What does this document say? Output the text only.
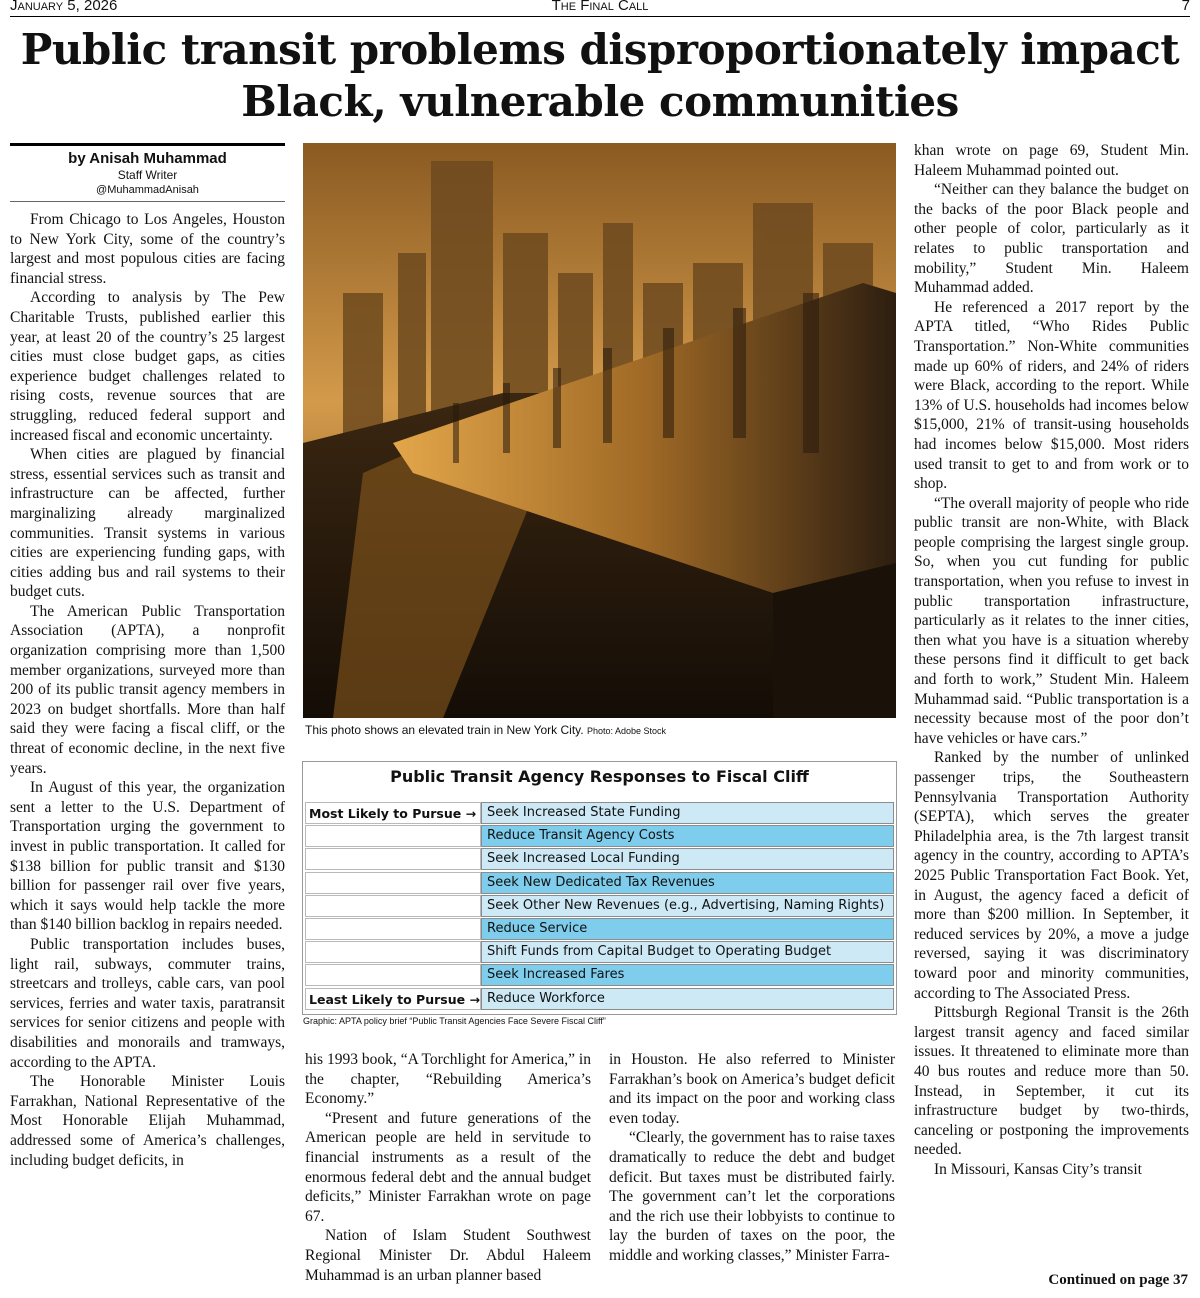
January 5, 2026	The Final Call	7
Public transit problems disproportionately impact
Black, vulnerable communities
by Anisah Muhammad
Staff Writer
@MuhammadAnisah

From Chicago to Los Angeles, Houston to New York City, some of the country’s largest and most populous cities are facing financial stress.

According to analysis by The Pew Charitable Trusts, published earlier this year, at least 20 of the country’s 25 largest cities must close budget gaps, as cities experience budget challenges related to rising costs, revenue sources that are struggling, reduced federal support and increased fiscal and economic uncertainty.

When cities are plagued by financial stress, essential services such as transit and infrastructure can be affected, further marginalizing already marginalized communities. Transit systems in various cities are experiencing funding gaps, with cities adding bus and rail systems to their budget cuts.

The American Public Transportation Association (APTA), a nonprofit organization comprising more than 1,500 member organizations, surveyed more than 200 of its public transit agency members in 2023 on budget shortfalls. More than half said they were facing a fiscal cliff, or the threat of economic decline, in the next five years.

In August of this year, the organization sent a letter to the U.S. Department of Transportation urging the government to invest in public transportation. It called for $138 billion for public transit and $130 billion for passenger rail over five years, which it says would help tackle the more than $140 billion backlog in repairs needed.

Public transportation includes buses, light rail, subways, commuter trains, streetcars and trolleys, cable cars, van pool services, ferries and water taxis, paratransit services for senior citizens and people with disabilities and monorails and tramways, according to the APTA.

The Honorable Minister Louis Farrakhan, National Representative of the Most Honorable Elijah Muhammad, addressed some of America’s challenges, including budget deficits, in

This photo shows an elevated train in New York City. Photo: Adobe Stock
Public Transit Agency Responses to Fiscal Cliff
Most Likely to Pursue → Seek Increased State Funding
Reduce Transit Agency Costs
Seek Increased Local Funding
Seek New Dedicated Tax Revenues
Seek Other New Revenues (e.g., Advertising, Naming Rights)
Reduce Service
Shift Funds from Capital Budget to Operating Budget
Seek Increased Fares
Least Likely to Pursue → Reduce Workforce
Graphic: APTA policy brief “Public Transit Agencies Face Severe Fiscal Cliff”

his 1993 book, “A Torchlight for America,” in the chapter, “Rebuilding America’s Economy.”

“Present and future generations of the American people are held in servitude to financial instruments as a result of the enormous federal debt and the annual budget deficits,” Minister Farrakhan wrote on page 67.

Nation of Islam Student Southwest Regional Minister Dr. Abdul Haleem Muhammad is an urban planner based

in Houston. He also referred to Minister Farrakhan’s book on America’s budget deficit and its impact on the poor and working class even today.

“Clearly, the government has to raise taxes dramatically to reduce the debt and budget deficit. But taxes must be distributed fairly. The government can’t let the corporations and the rich use their lobbyists to continue to lay the burden of taxes on the poor, the middle and working classes,” Minister Farra-

khan wrote on page 69, Student Min. Haleem Muhammad pointed out.

“Neither can they balance the budget on the backs of the poor Black people and other people of color, particularly as it relates to public transportation and mobility,” Student Min. Haleem Muhammad added.

He referenced a 2017 report by the APTA titled, “Who Rides Public Transportation.” Non-White communities made up 60% of riders, and 24% of riders were Black, according to the report. While 13% of U.S. households had incomes below $15,000, 21% of transit-using households had incomes below $15,000. Most riders used transit to get to and from work or to shop.

“The overall majority of people who ride public transit are non-White, with Black people comprising the largest single group. So, when you cut funding for public transportation, when you refuse to invest in public transportation infrastructure, particularly as it relates to the inner cities, then what you have is a situation whereby these persons find it difficult to get back and forth to work,” Student Min. Haleem Muhammad said. “Public transportation is a necessity because most of the poor don’t have vehicles or have cars.”

Ranked by the number of unlinked passenger trips, the Southeastern Pennsylvania Transportation Authority (SEPTA), which serves the greater Philadelphia area, is the 7th largest transit agency in the country, according to APTA’s 2025 Public Transportation Fact Book. Yet, in August, the agency faced a deficit of more than $200 million. In September, it reduced services by 20%, a move a judge reversed, saying it was discriminatory toward poor and minority communities, according to The Associated Press.

Pittsburgh Regional Transit is the 26th largest transit agency and faced similar issues. It threatened to eliminate more than 40 bus routes and reduce more than 50. Instead, in September, it cut its infrastructure budget by two-thirds, canceling or postponing the improvements needed.

In Missouri, Kansas City’s transit

Continued on page 37
